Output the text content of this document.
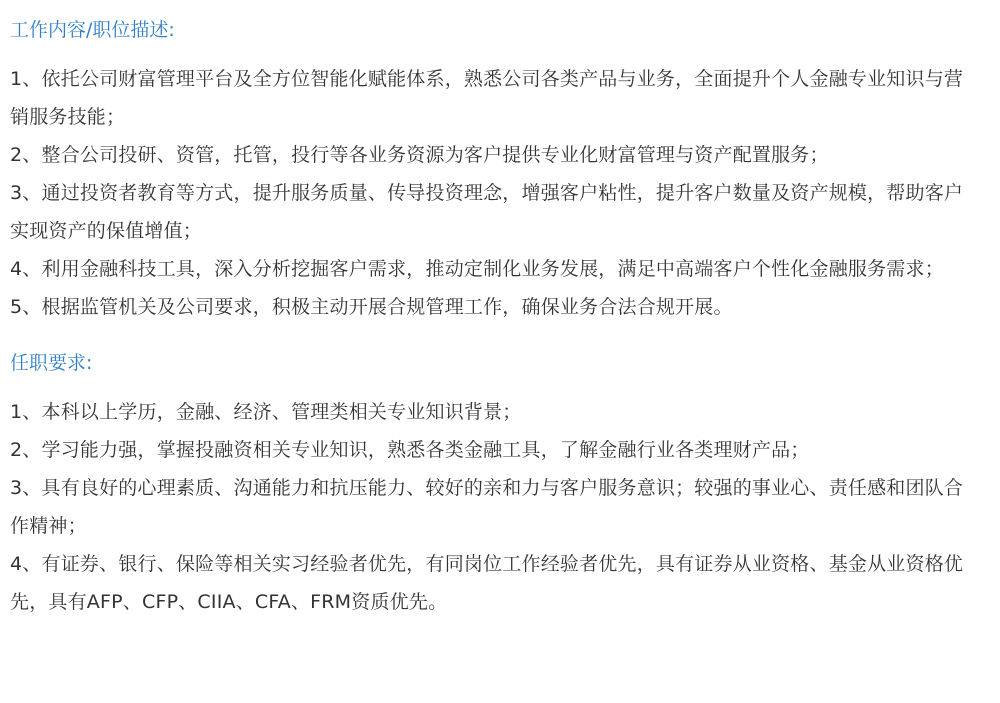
工作内容/职位描述:

1、依托公司财富管理平台及全方位智能化赋能体系，熟悉公司各类产品与业务，全面提升个人金融专业知识与营销服务技能；

2、整合公司投研、资管，托管，投行等各业务资源为客户提供专业化财富管理与资产配置服务；

3、通过投资者教育等方式，提升服务质量、传导投资理念，增强客户粘性，提升客户数量及资产规模，帮助客户实现资产的保值增值；

4、利用金融科技工具，深入分析挖掘客户需求，推动定制化业务发展，满足中高端客户个性化金融服务需求；

5、根据监管机关及公司要求，积极主动开展合规管理工作，确保业务合法合规开展。

任职要求:

1、本科以上学历，金融、经济、管理类相关专业知识背景；

2、学习能力强，掌握投融资相关专业知识，熟悉各类金融工具，了解金融行业各类理财产品；

3、具有良好的心理素质、沟通能力和抗压能力、较好的亲和力与客户服务意识；较强的事业心、责任感和团队合作精神；

4、有证券、银行、保险等相关实习经验者优先，有同岗位工作经验者优先，具有证券从业资格、基金从业资格优先，具有AFP、CFP、CIIA、CFA、FRM资质优先。
